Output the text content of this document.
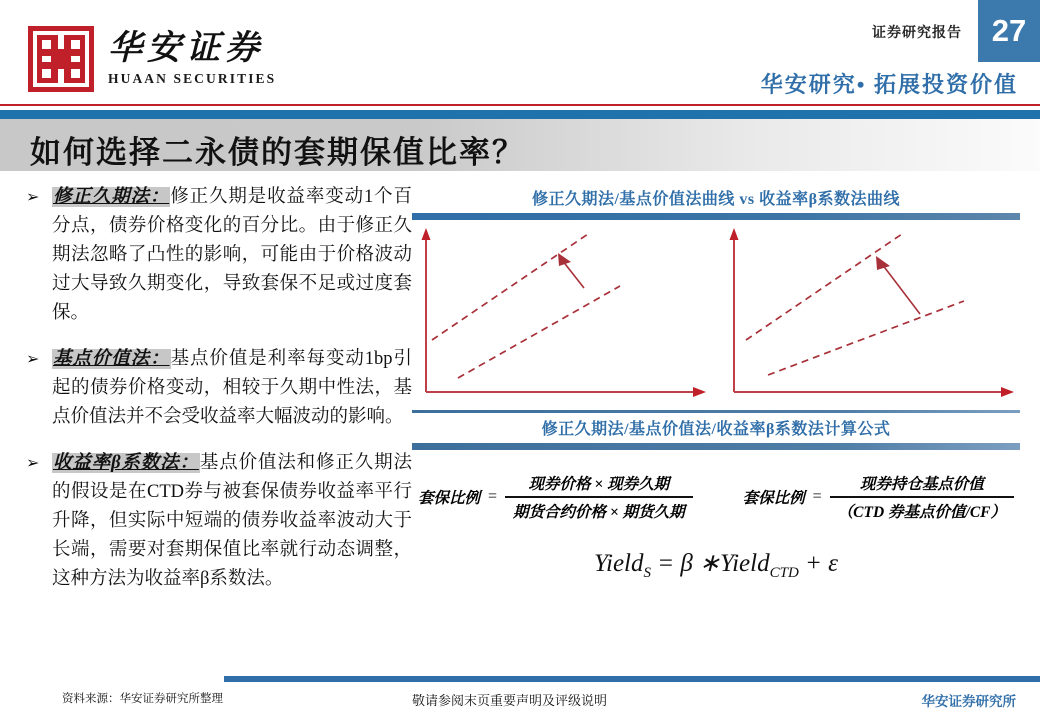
华安证券
HUAAN SECURITIES
证券研究报告 27
华安研究• 拓展投资价值
如何选择二永债的套期保值比率？
➢ 修正久期法：修正久期是收益率变动1个百分点，债券价格变化的百分比。由于修正久期法忽略了凸性的影响，可能由于价格波动过大导致久期变化，导致套保不足或过度套保。
➢ 基点价值法：基点价值是利率每变动1bp引起的债券价格变动，相较于久期中性法，基点价值法并不会受收益率大幅波动的影响。
➢ 收益率β系数法：基点价值法和修正久期法的假设是在CTD券与被套保债券收益率平行升降，但实际中短端的债券收益率波动大于长端，需要对套期保值比率就行动态调整，这种方法为收益率β系数法。
修正久期法/基点价值法曲线 vs 收益率β系数法曲线
修正久期法/基点价值法/收益率β系数法计算公式
套保比例 = $\frac{\text{现券价格 × 现券久期}}{\text{期货合约价格 × 期货久期}}$	套保比例 = $\frac{\text{现券持仓基点价值}}{\text{（CTD 券基点价值/CF）}}$
Yield$_S$ = β ∗Yield$_{CTD}$ + ε
资料来源：华安证券研究所整理	敬请参阅末页重要声明及评级说明	华安证券研究所
